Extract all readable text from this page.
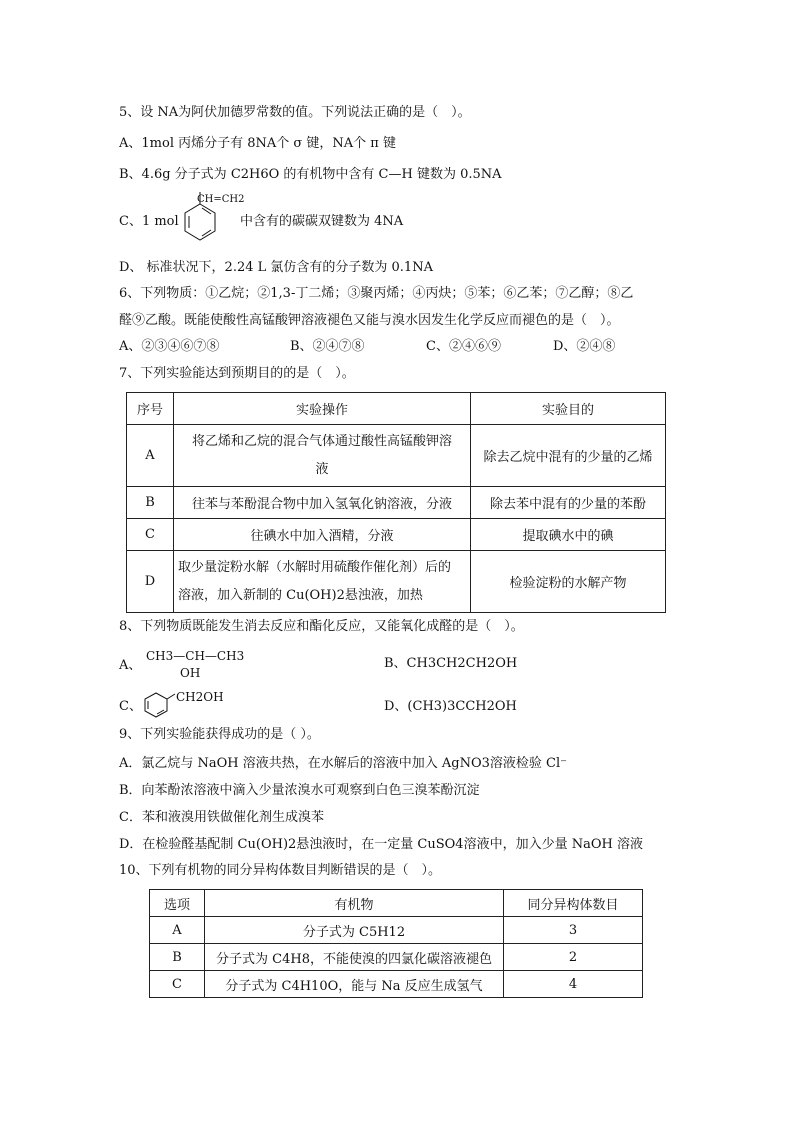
5、设 NA为阿伏加德罗常数的值。下列说法正确的是（　）。
A、1mol 丙烯分子有 8NA个 σ 键，NA个 π 键
B、4.6g 分子式为 C2H6O 的有机物中含有 C—H 键数为 0.5NA
C、1 mol
CH=CH2
中含有的碳碳双键数为 4NA
D、 标准状况下，2.24 L 氯仿含有的分子数为 0.1NA
6、下列物质：①乙烷；②1,3-丁二烯；③聚丙烯；④丙炔；⑤苯；⑥乙苯；⑦乙醇；⑧乙
醛⑨乙酸。既能使酸性高锰酸钾溶液褪色又能与溴水因发生化学反应而褪色的是（　）。
A、②③④⑥⑦⑧	B、②④⑦⑧	C、②④⑥⑨	D、②④⑧
7、下列实验能达到预期目的的是（　）。
序号	实验操作	实验目的
A	将乙烯和乙烷的混合气体通过酸性高锰酸钾溶
液	除去乙烷中混有的少量的乙烯
B	往苯与苯酚混合物中加入氢氧化钠溶液，分液	除去苯中混有的少量的苯酚
C	往碘水中加入酒精，分液	提取碘水中的碘
D	取少量淀粉水解（水解时用硫酸作催化剂）后的
溶液，加入新制的 Cu(OH)2悬浊液，加热	检验淀粉的水解产物
8、下列物质既能发生消去反应和酯化反应，又能氧化成醛的是（　）。
A、
CH3—CH—CH3
OH
B、CH3CH2CH2OH
C、
CH2OH
D、(CH3)3CCH2OH
9、下列实验能获得成功的是（ ）。
A．氯乙烷与 NaOH 溶液共热，在水解后的溶液中加入 AgNO3溶液检验 Cl⁻
B．向苯酚浓溶液中滴入少量浓溴水可观察到白色三溴苯酚沉淀
C．苯和液溴用铁做催化剂生成溴苯
D．在检验醛基配制 Cu(OH)2悬浊液时，在一定量 CuSO4溶液中，加入少量 NaOH 溶液
10、下列有机物的同分异构体数目判断错误的是（　）。
选项	有机物	同分异构体数目
A	分子式为 C5H12	3
B	分子式为 C4H8，不能使溴的四氯化碳溶液褪色	2
C	分子式为 C4H10O，能与 Na 反应生成氢气	4
